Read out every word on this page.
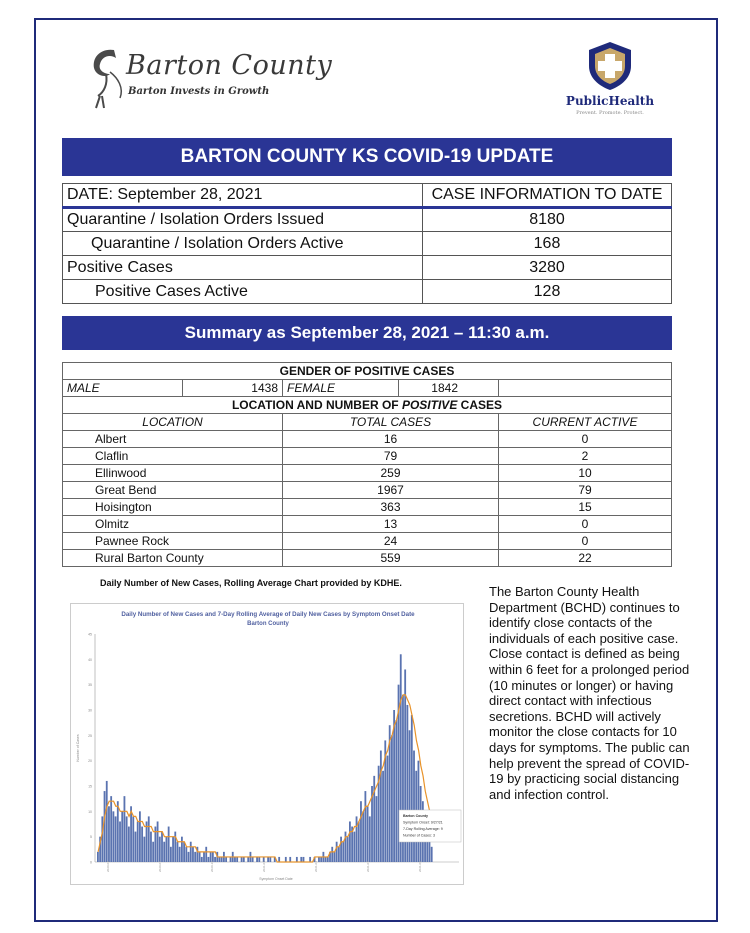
Barton County
Barton Invests in Growth
PublicHealth
Prevent. Promote. Protect.
BARTON COUNTY KS COVID-19 UPDATE
DATE: September 28, 2021	CASE INFORMATION TO DATE
Quarantine / Isolation Orders Issued	8180
Quarantine / Isolation Orders Active	168
Positive Cases	3280
Positive Cases Active	128
Summary as September 28, 2021 – 11:30 a.m.
GENDER OF POSITIVE CASES				
MALE	1438	FEMALE	1842	
LOCATION AND NUMBER OF POSITIVE CASES				
LOCATION		TOTAL CASES		CURRENT ACTIVE
Albert		16		0
Claflin		79		2
Ellinwood		259		10
Great Bend		1967		79
Hoisington		363		15
Olmitz		13		0
Pawnee Rock		24		0
Rural Barton County		559		22
Daily Number of New Cases, Rolling Average Chart provided by KDHE.
Daily Number of New Cases and 7-Day Rolling Average of Daily New Cases by Symptom Onset Date
Barton County
0
5
10
15
20
25
30
35
40
45
2020-04	2020-07	2020-10	2021-01	2021-04	2021-07	2021-09
Symptom Onset Date
Number of Cases
Barton County
Symptom Onset: 9/27/21
7-Day Rolling Average: 9
Number of Cases: 3
The Barton County Health Department (BCHD) continues to identify close contacts of the individuals of each positive case. Close contact is defined as being within 6 feet for a prolonged period (10 minutes or longer) or having direct contact with infectious secretions. BCHD will actively monitor the close contacts for 10 days for symptoms. The public can help prevent the spread of COVID-19 by practicing social distancing and infection control.
